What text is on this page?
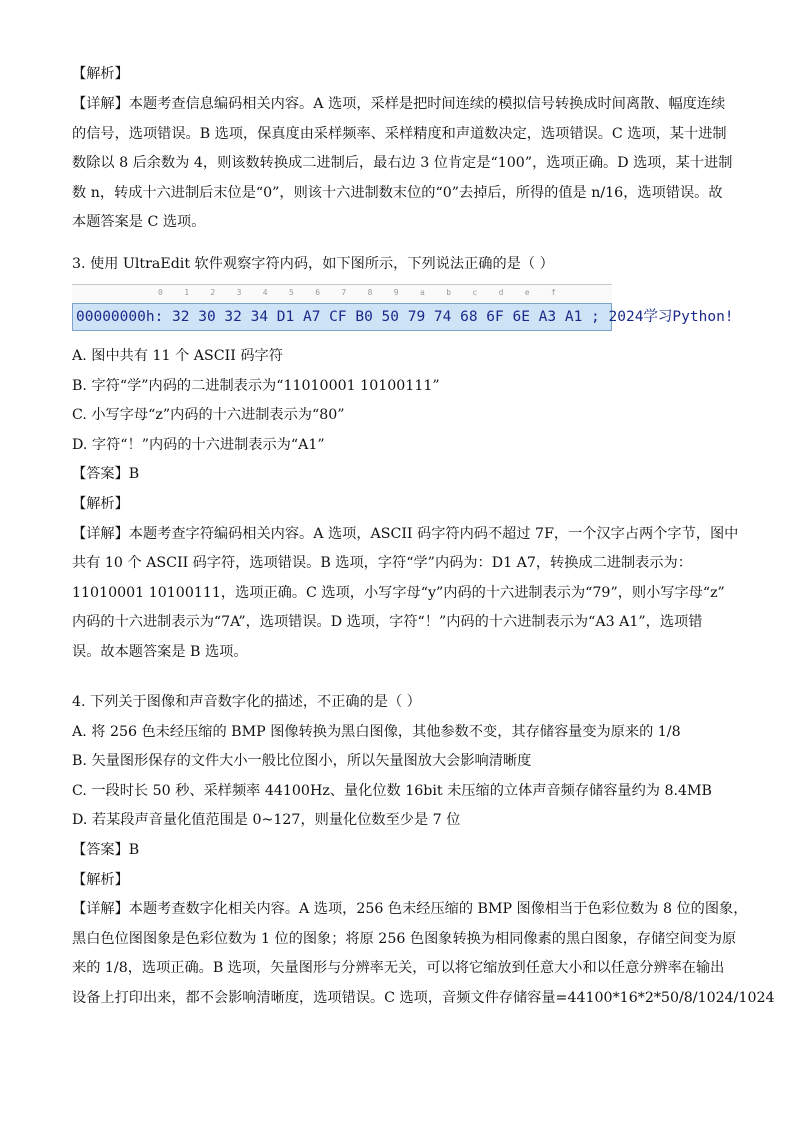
【解析】
【详解】本题考查信息编码相关内容。A 选项，采样是把时间连续的模拟信号转换成时间离散、幅度连续
的信号，选项错误。B 选项，保真度由采样频率、采样精度和声道数决定，选项错误。C 选项，某十进制
数除以 8 后余数为 4，则该数转换成二进制后，最右边 3 位肯定是“100”，选项正确。D 选项，某十进制
数 n，转成十六进制后末位是“0”，则该十六进制数末位的“0”去掉后，所得的值是 n/16，选项错误。故
本题答案是 C 选项。
3. 使用 UltraEdit 软件观察字符内码，如下图所示，下列说法正确的是（ ）
0	1	2	3	4	5	6	7	8	9	a	b	c	d	e	f
00000000h: 32 30 32 34 D1 A7 CF B0 50 79 74 68 6F 6E A3 A1 ; 2024学习Python!
A. 图中共有 11 个 ASCII 码字符
B. 字符“学”内码的二进制表示为“11010001 10100111”
C. 小写字母“z”内码的十六进制表示为“80”
D. 字符“！”内码的十六进制表示为“A1”
【答案】B
【解析】
【详解】本题考查字符编码相关内容。A 选项，ASCII 码字符内码不超过 7F，一个汉字占两个字节，图中
共有 10 个 ASCII 码字符，选项错误。B 选项，字符“学”内码为：D1 A7，转换成二进制表示为：
11010001 10100111，选项正确。C 选项，小写字母“y”内码的十六进制表示为“79”，则小写字母“z”
内码的十六进制表示为“7A”，选项错误。D 选项，字符“！”内码的十六进制表示为“A3 A1”，选项错
误。故本题答案是 B 选项。
4. 下列关于图像和声音数字化的描述，不正确的是（ ）
A. 将 256 色未经压缩的 BMP 图像转换为黑白图像，其他参数不变，其存储容量变为原来的 1/8
B. 矢量图形保存的文件大小一般比位图小，所以矢量图放大会影响清晰度
C. 一段时长 50 秒、采样频率 44100Hz、量化位数 16bit 未压缩的立体声音频存储容量约为 8.4MB
D. 若某段声音量化值范围是 0~127，则量化位数至少是 7 位
【答案】B
【解析】
【详解】本题考查数字化相关内容。A 选项，256 色未经压缩的 BMP 图像相当于色彩位数为 8 位的图象，
黑白色位图图象是色彩位数为 1 位的图象；将原 256 色图象转换为相同像素的黑白图象，存储空间变为原
来的 1/8，选项正确。B 选项，矢量图形与分辨率无关，可以将它缩放到任意大小和以任意分辨率在输出
设备上打印出来，都不会影响清晰度，选项错误。C 选项，音频文件存储容量=44100*16*2*50/8/1024/1024
